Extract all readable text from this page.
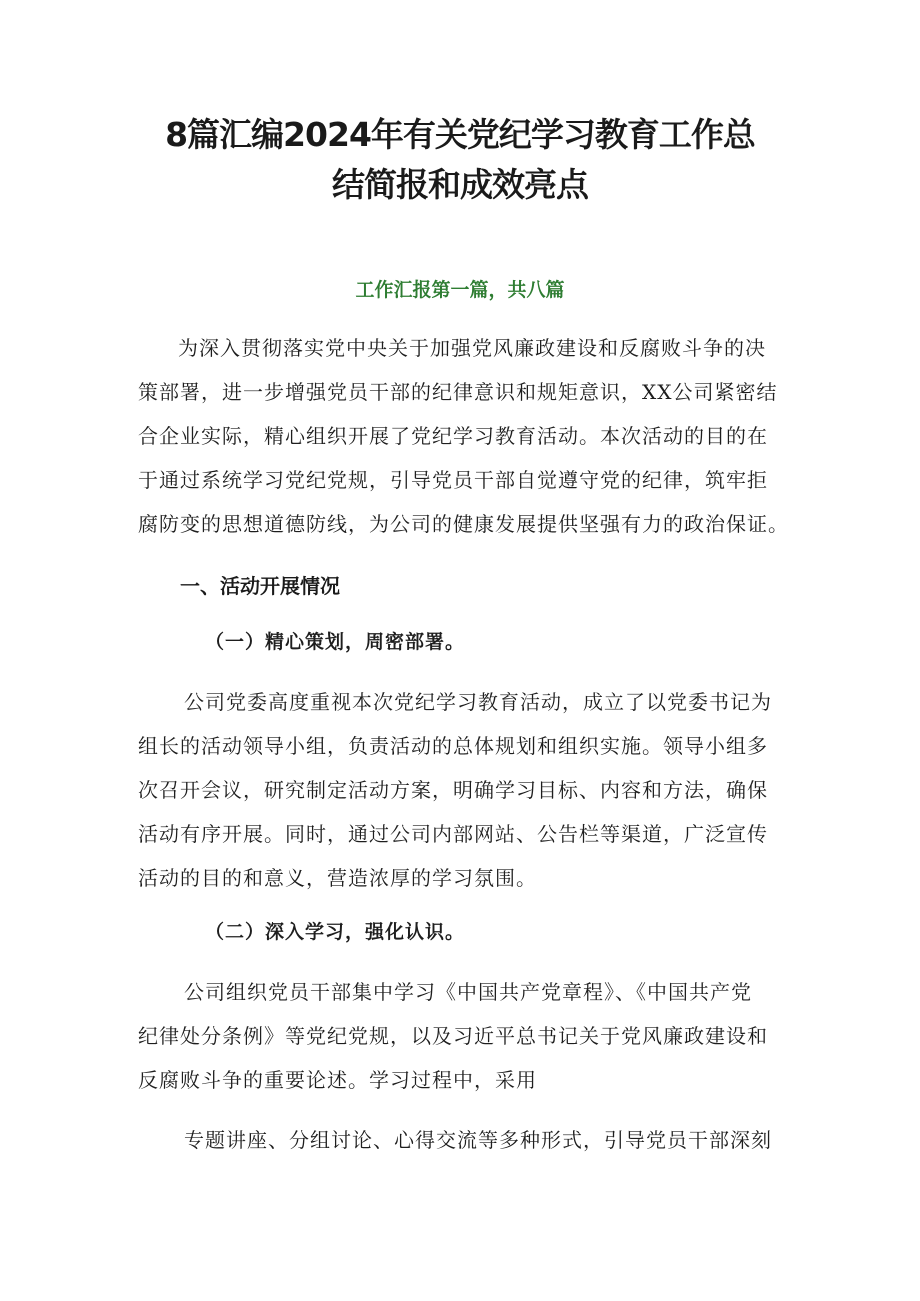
8篇汇编2024年有关党纪学习教育工作总
结简报和成效亮点
工作汇报第一篇，共八篇
为深入贯彻落实党中央关于加强党风廉政建设和反腐败斗争的决
策部署，进一步增强党员干部的纪律意识和规矩意识，XX公司紧密结
合企业实际，精心组织开展了党纪学习教育活动。本次活动的目的在
于通过系统学习党纪党规，引导党员干部自觉遵守党的纪律，筑牢拒
腐防变的思想道德防线，为公司的健康发展提供坚强有力的政治保证。
一、活动开展情况
（一）精心策划，周密部署。
公司党委高度重视本次党纪学习教育活动，成立了以党委书记为
组长的活动领导小组，负责活动的总体规划和组织实施。领导小组多
次召开会议，研究制定活动方案，明确学习目标、内容和方法，确保
活动有序开展。同时，通过公司内部网站、公告栏等渠道，广泛宣传
活动的目的和意义，营造浓厚的学习氛围。
（二）深入学习，强化认识。
公司组织党员干部集中学习《中国共产党章程》、《中国共产党
纪律处分条例》等党纪党规，以及习近平总书记关于党风廉政建设和
反腐败斗争的重要论述。学习过程中，采用
专题讲座、分组讨论、心得交流等多种形式，引导党员干部深刻
